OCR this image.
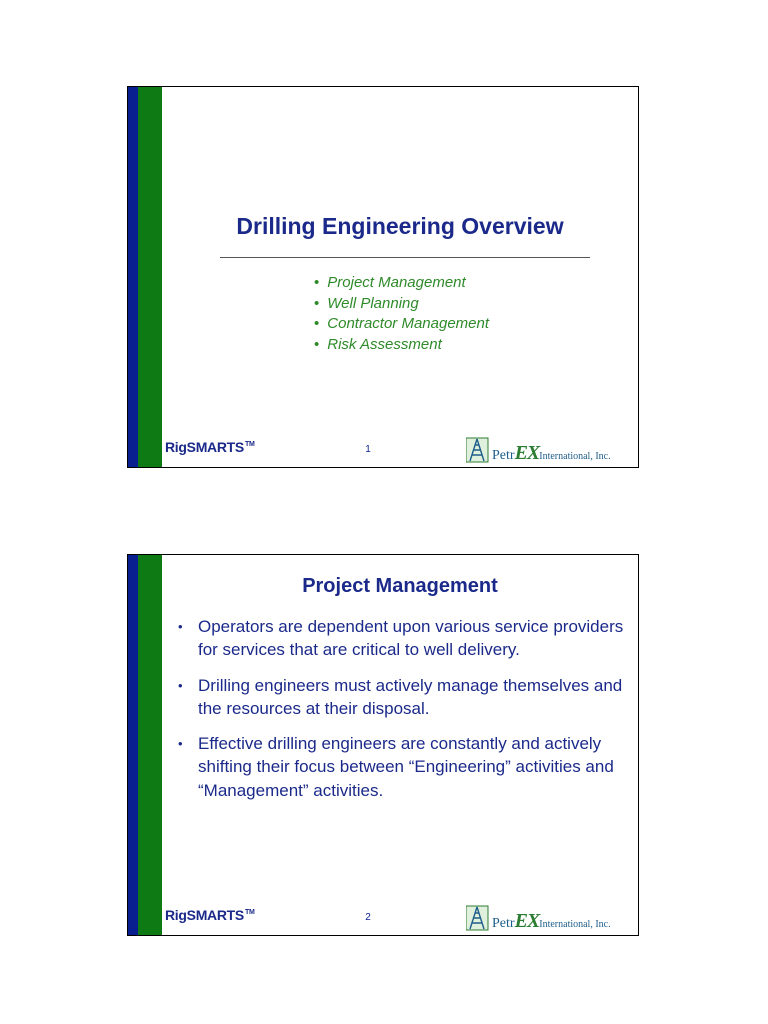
Drilling Engineering Overview
• Project Management
• Well Planning
• Contractor Management
• Risk Assessment
RigSMARTS™	1	PetrEXInternational, Inc.
Project Management
• Operators are dependent upon various service providers for services that are critical to well delivery.
• Drilling engineers must actively manage themselves and the resources at their disposal.
• Effective drilling engineers are constantly and actively shifting their focus between “Engineering” activities and “Management” activities.
RigSMARTS™	2	PetrEXInternational, Inc.
